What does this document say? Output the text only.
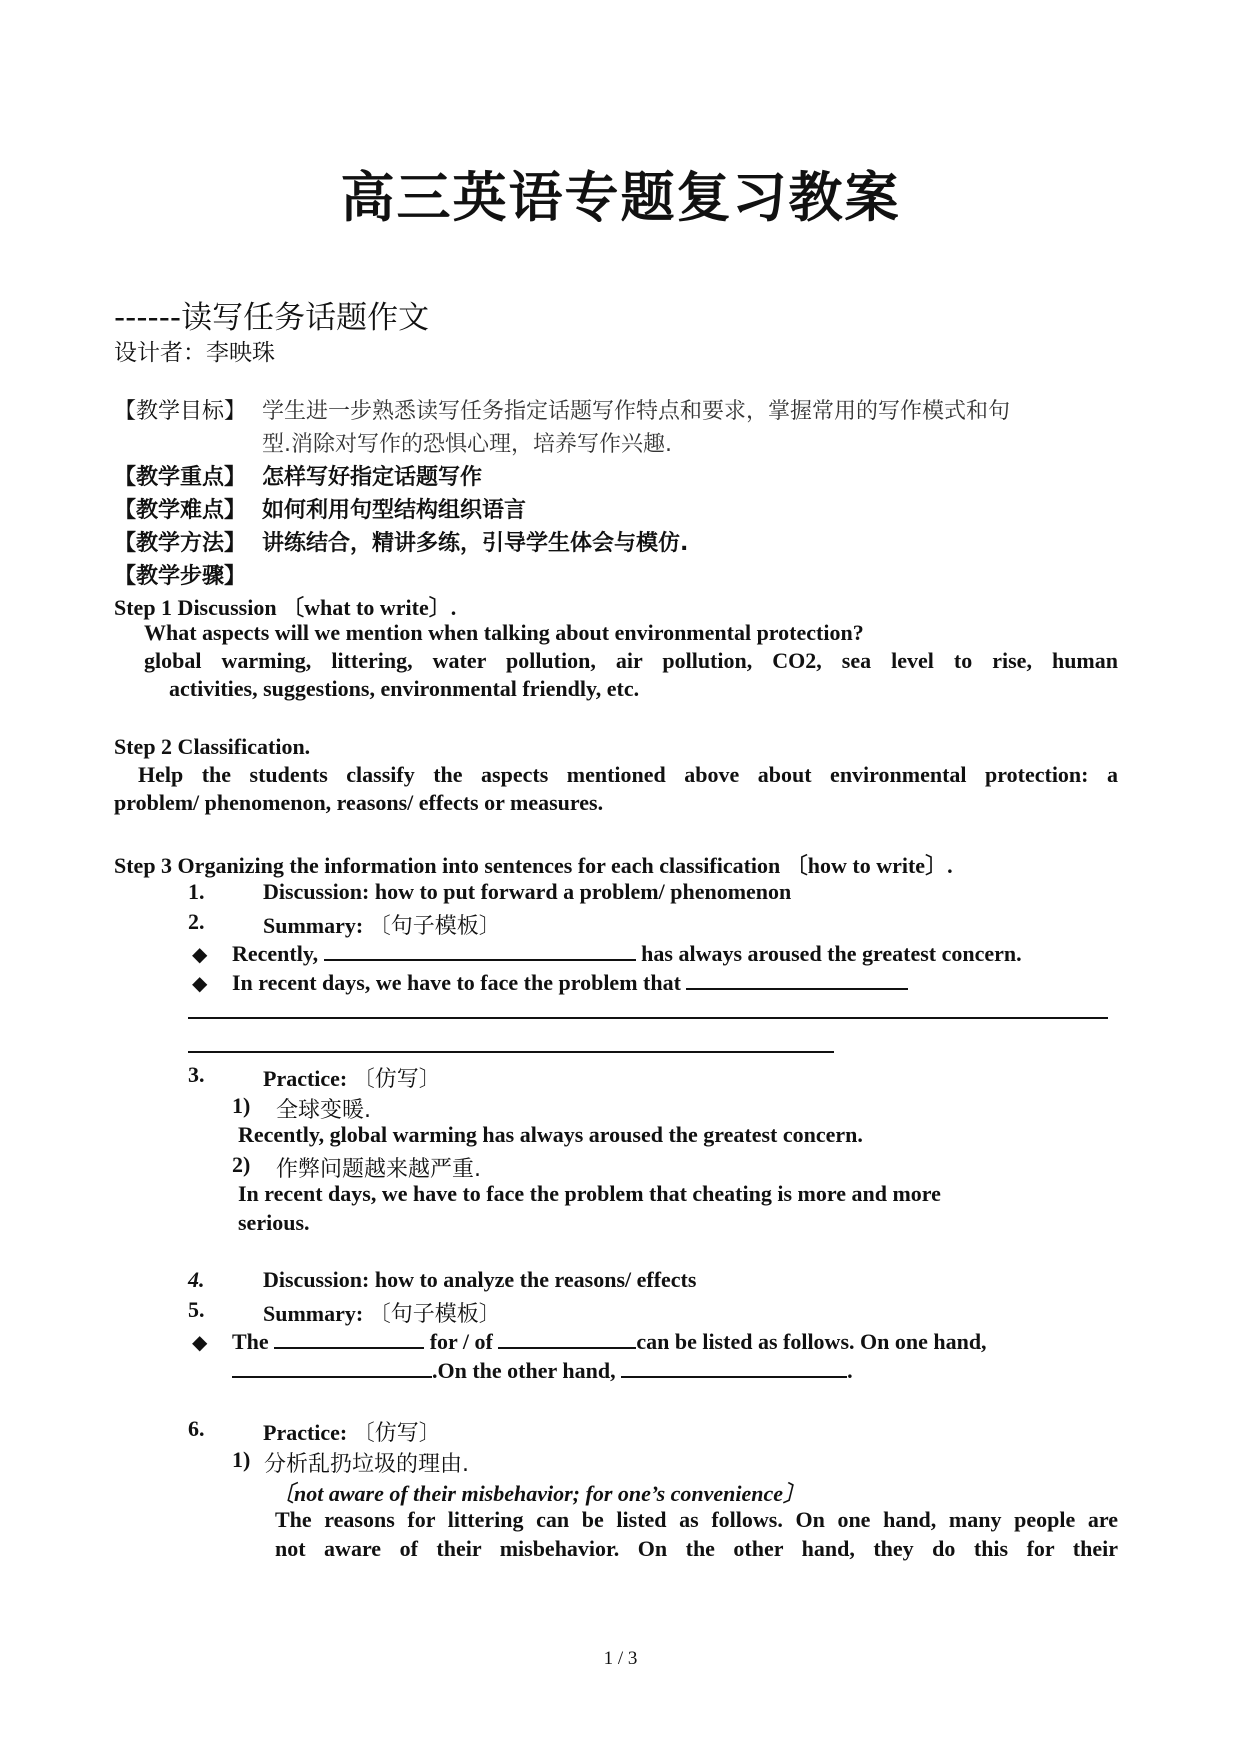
高三英语专题复习教案
------读写任务话题作文
设计者：李映珠
【教学目标】 学生进一步熟悉读写任务指定话题写作特点和要求，掌握常用的写作模式和句
型.消除对写作的恐惧心理，培养写作兴趣.
【教学重点】 怎样写好指定话题写作
【教学难点】 如何利用句型结构组织语言
【教学方法】 讲练结合，精讲多练，引导学生体会与模仿.
【教学步骤】
Step 1 Discussion 〔what to write〕.
What aspects will we mention when talking about environmental protection?
global warming, littering, water pollution, air pollution, CO2, sea level to rise, human
activities, suggestions, environmental friendly, etc.
Step 2 Classification.
Help the students classify the aspects mentioned above about environmental protection: a
problem/ phenomenon, reasons/ effects or measures.
Step 3 Organizing the information into sentences for each classification 〔how to write〕.
1.	Discussion: how to put forward a problem/ phenomenon
2.	Summary: 〔句子模板〕
◆ Recently,	has always aroused the greatest concern.
◆ In recent days, we have to face the problem that
3.	Practice: 〔仿写〕
1) 全球变暖.
Recently, global warming has always aroused the greatest concern.
2) 作弊问题越来越严重.
In recent days, we have to face the problem that cheating is more and more
serious.
4.	Discussion: how to analyze the reasons/ effects
5.	Summary: 〔句子模板〕
◆ The	for / of	can be listed as follows. On one hand,
.On the other hand,	.
6.	Practice: 〔仿写〕
1) 分析乱扔垃圾的理由.
〔not aware of their misbehavior; for one’s convenience〕
The reasons for littering can be listed as follows. On one hand, many people are
not aware of their misbehavior. On the other hand, they do this for their
1 / 3
